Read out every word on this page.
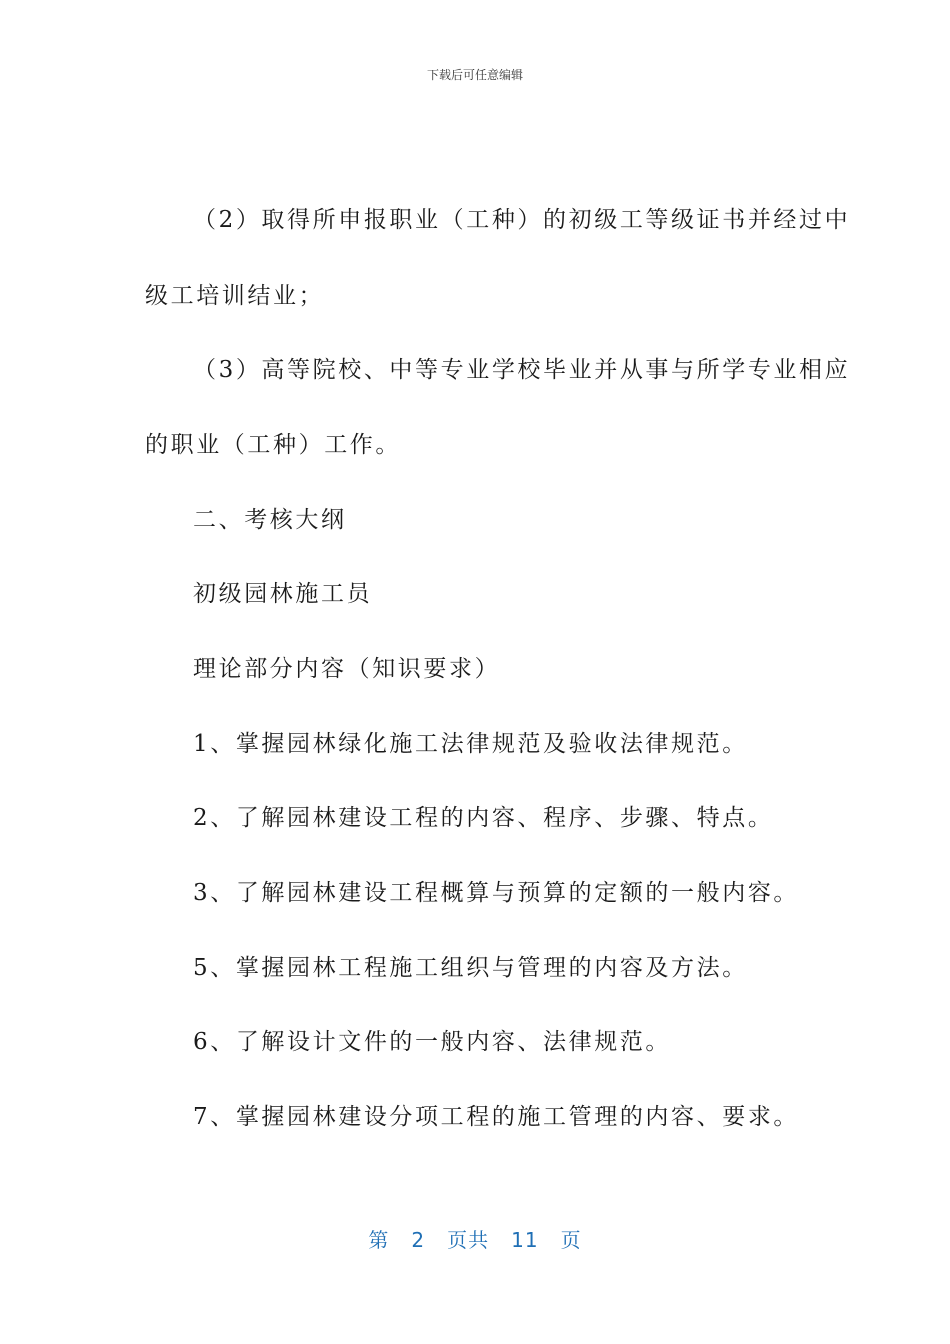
下载后可任意编辑
（2）取得所申报职业（工种）的初级工等级证书并经过中
级工培训结业；
（3）高等院校、中等专业学校毕业并从事与所学专业相应
的职业（工种）工作。
二、考核大纲
初级园林施工员
理论部分内容（知识要求）
1、掌握园林绿化施工法律规范及验收法律规范。
2、了解园林建设工程的内容、程序、步骤、特点。
3、了解园林建设工程概算与预算的定额的一般内容。
5、掌握园林工程施工组织与管理的内容及方法。
6、了解设计文件的一般内容、法律规范。
7、掌握园林建设分项工程的施工管理的内容、要求。
第 2 页共 11 页
